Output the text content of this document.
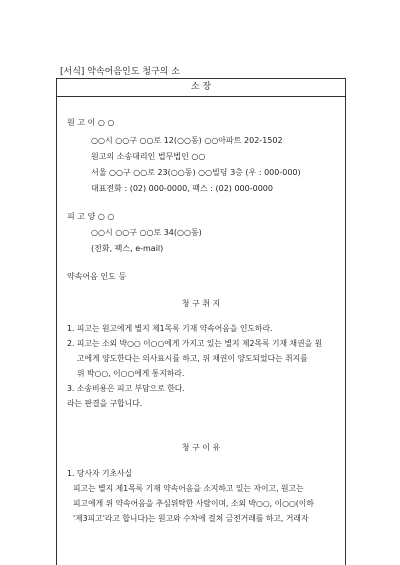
[서식] 약속어음인도 청구의 소
소 장
원 고 이 ○ ○
○○시 ○○구 ○○로 12(○○동) ○○아파트 202-1502
원고의 소송대리인 법무법인 ○○
서울 ○○구 ○○로 23(○○동) ○○빌딩 3층 (우 : 000-000)
대표전화 : (02) 000-0000, 팩스 : (02) 000-0000
피 고 양 ○ ○
○○시 ○○구 ○○로 34(○○동)
(전화, 팩스, e-mail)
약속어음 인도 등
청 구 취 지
1. 피고는 원고에게 별지 제1목록 기재 약속어음을 인도하라.
2. 피고는 소외 박○○ 이○○에게 가지고 있는 별지 제2목록 기재 채권을 원
고에게 양도한다는 의사표시를 하고, 위 채권이 양도되었다는 취지를
위 박○○, 이○○에게 통지하라.
3. 소송비용은 피고 부담으로 한다.
라는 판결을 구합니다.
청 구 이 유
1. 당사자 기초사실
피고는 별지 제1목록 기재 약속어음을 소지하고 있는 자이고, 원고는
피고에게 위 약속어음을 추심위탁한 사람이며, 소외 박○○, 이○○(이하
'제3피고'라고 합니다)는 원고와 수차에 걸쳐 금전거래를 하고, 거래자
